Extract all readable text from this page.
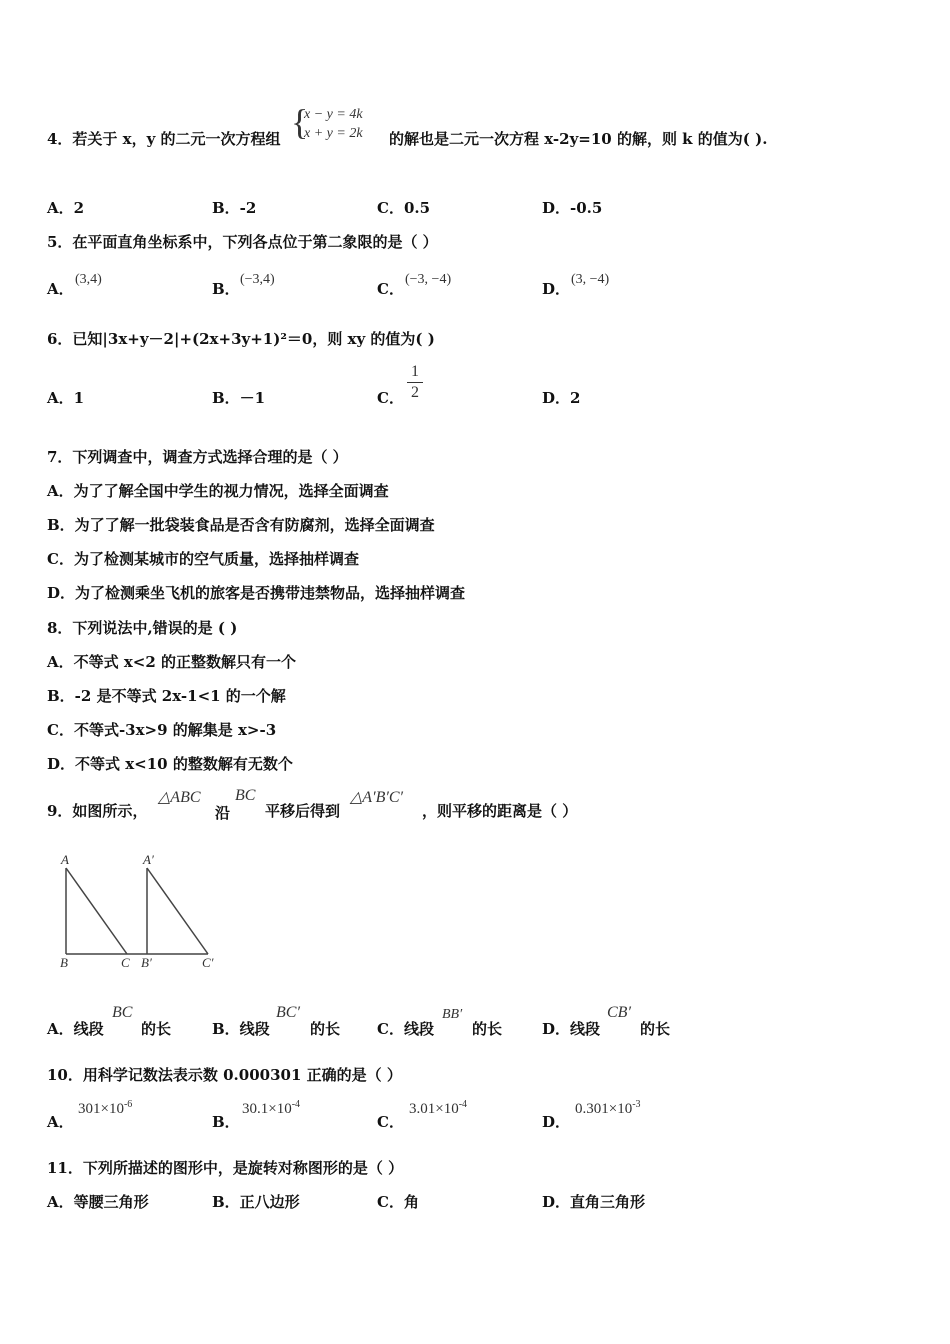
4．若关于 x，y 的二元一次方程组 {
x − y = 4k
x + y = 2k 的解也是二元一次方程 x-2y=10 的解，则 k 的值为( ).
A．2	B．-2	C．0.5	D．-0.5
5．在平面直角坐标系中，下列各点位于第二象限的是（ ）
A．
(3,4)
B．
(−3,4)
C．
(−3, −4)
D．
(3, −4)
6．已知|3x+y－2|+(2x+3y+1)²＝0，则 xy 的值为( )
A．1	B．－1	C．
1
2	D．2
7．下列调查中，调查方式选择合理的是（ ）
A．为了了解全国中学生的视力情况，选择全面调查
B．为了了解一批袋装食品是否含有防腐剂，选择全面调查
C．为了检测某城市的空气质量，选择抽样调查
D．为了检测乘坐飞机的旅客是否携带违禁物品，选择抽样调查
8．下列说法中,错误的是 ( )
A．不等式 x<2 的正整数解只有一个
B．-2 是不等式 2x-1<1 的一个解
C．不等式-3x>9 的解集是 x>-3
D．不等式 x<10 的整数解有无数个
9．如图所示，
△ABC
沿
BC
平移后得到
△A′B′C′
，则平移的距离是（ ）
A	A′
B	C B′	C′
A．线段
BC
的长	B．线段
BC′
的长 C．线段
BB′
的长	D．线段
CB′
的长
10．用科学记数法表示数 0.000301 正确的是（ ）
A．
$301\times 10^{-6}$
B．
$30.1\times 10^{-4}$
C．
$3.01\times 10^{-4}$
D．
$0.301\times 10^{-3}$
11．下列所描述的图形中，是旋转对称图形的是（ ）
A．等腰三角形	B．正八边形	C．角	D．直角三角形
